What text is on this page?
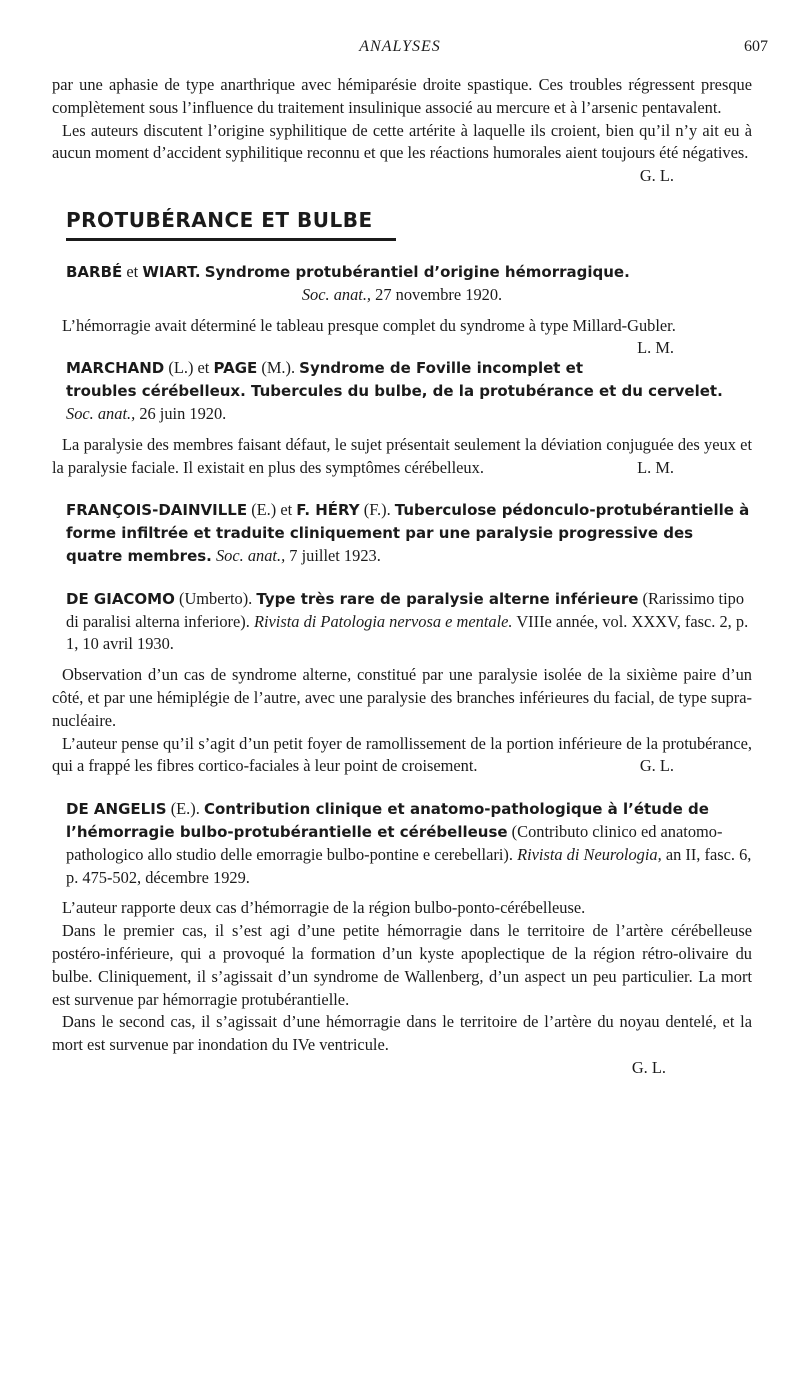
ANALYSES	607

par une aphasie de type anarthrique avec hémiparésie droite spastique. Ces troubles régressent presque complètement sous l’influence du traitement insulinique associé au mercure et à l’arsenic pentavalent.

Les auteurs discutent l’origine syphilitique de cette artérite à laquelle ils croient, bien qu’il n’y ait eu à aucun moment d’accident syphilitique reconnu et que les réactions humorales aient toujours été négatives.
G. L.

PROTUBÉRANCE ET BULBE
BARBÉ et WIART. Syndrome protubérantiel d’origine hémorragique.
Soc. anat., 27 novembre 1920.

L’hémorragie avait déterminé le tableau presque complet du syndrome à type Millard-Gubler.
L. M.

MARCHAND (L.) et PAGE (M.). Syndrome de Foville incomplet et troubles cérébelleux. Tubercules du bulbe, de la protubérance et du cervelet. Soc. anat., 26 juin 1920.

La paralysie des membres faisant défaut, le sujet présentait seulement la déviation conjuguée des yeux et la paralysie faciale. Il existait en plus des symptômes cérébelleux.	L. M.

FRANÇOIS-DAINVILLE (E.) et F. HÉRY (F.). Tuberculose pédonculo-protubérantielle à forme infiltrée et traduite cliniquement par une paralysie progressive des quatre membres. Soc. anat., 7 juillet 1923.
DE GIACOMO (Umberto). Type très rare de paralysie alterne inférieure (Rarissimo tipo di paralisi alterna inferiore). Rivista di Patologia nervosa e mentale. VIIIe année, vol. XXXV, fasc. 2, p. 1, 10 avril 1930.

Observation d’un cas de syndrome alterne, constitué par une paralysie isolée de la sixième paire d’un côté, et par une hémiplégie de l’autre, avec une paralysie des branches inférieures du facial, de type supra-nucléaire.

L’auteur pense qu’il s’agit d’un petit foyer de ramollissement de la portion inférieure de la protubérance, qui a frappé les fibres cortico-faciales à leur point de croisement.	G. L.

DE ANGELIS (E.). Contribution clinique et anatomo-pathologique à l’étude de l’hémorragie bulbo-protubérantielle et cérébelleuse (Contributo clinico ed anatomo-pathologico allo studio delle emorragie bulbo-pontine e cerebellari). Rivista di Neurologia, an II, fasc. 6, p. 475-502, décembre 1929.

L’auteur rapporte deux cas d’hémorragie de la région bulbo-ponto-cérébelleuse.

Dans le premier cas, il s’est agi d’une petite hémorragie dans le territoire de l’artère cérébelleuse postéro-inférieure, qui a provoqué la formation d’un kyste apoplectique de la région rétro-olivaire du bulbe. Cliniquement, il s’agissait d’un syndrome de Wallenberg, d’un aspect un peu particulier. La mort est survenue par hémorragie protubérantielle.

Dans le second cas, il s’agissait d’une hémorragie dans le territoire de l’artère du noyau dentelé, et la mort est survenue par inondation du IVe ventricule.

G. L.
